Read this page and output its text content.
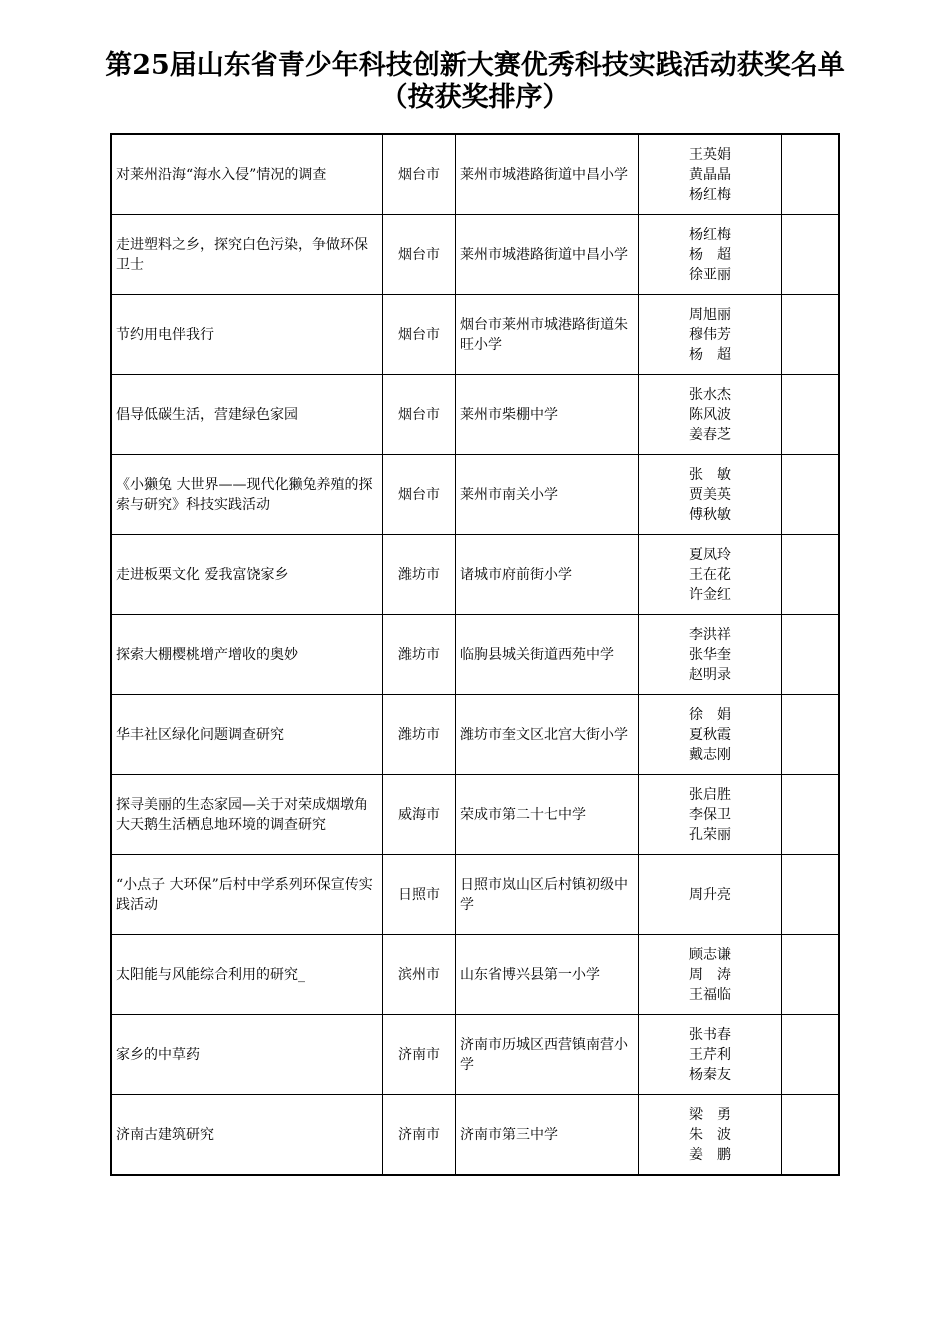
第25届山东省青少年科技创新大赛优秀科技实践活动获奖名单
（按获奖排序）
对莱州沿海“海水入侵”情况的调查	烟台市	莱州市城港路街道中昌小学	王英娟
黄晶晶
杨红梅	

走进塑料之乡，探究白色污染，争做环保卫士	烟台市	莱州市城港路街道中昌小学	杨红梅
杨　超
徐亚丽	

节约用电伴我行	烟台市	烟台市莱州市城港路街道朱旺小学	周旭丽
穆伟芳
杨　超	

倡导低碳生活，营建绿色家园	烟台市	莱州市柴棚中学	张水杰
陈风波
姜春芝	

《小獭兔 大世界——现代化獭兔养殖的探索与研究》科技实践活动	烟台市	莱州市南关小学	张　敏
贾美英
傅秋敏	

走进板栗文化 爱我富饶家乡	潍坊市	诸城市府前街小学	夏凤玲
王在花
许金红	

探索大棚樱桃增产增收的奥妙	潍坊市	临朐县城关街道西苑中学	李洪祥
张华奎
赵明录	

华丰社区绿化问题调查研究	潍坊市	潍坊市奎文区北宫大街小学	徐　娟
夏秋霞
戴志刚	

探寻美丽的生态家园—关于对荣成烟墩角大天鹅生活栖息地环境的调查研究	威海市	荣成市第二十七中学	张启胜
李保卫
孔荣丽	

“小点子 大环保”后村中学系列环保宣传实践活动	日照市	日照市岚山区后村镇初级中学	周升亮	

太阳能与风能综合利用的研究_	滨州市	山东省博兴县第一小学	顾志谦
周　涛
王福临	

家乡的中草药	济南市	济南市历城区西营镇南营小学	张书春
王芹利
杨秦友	

济南古建筑研究	济南市	济南市第三中学	梁　勇
朱　波
姜　鹏	
